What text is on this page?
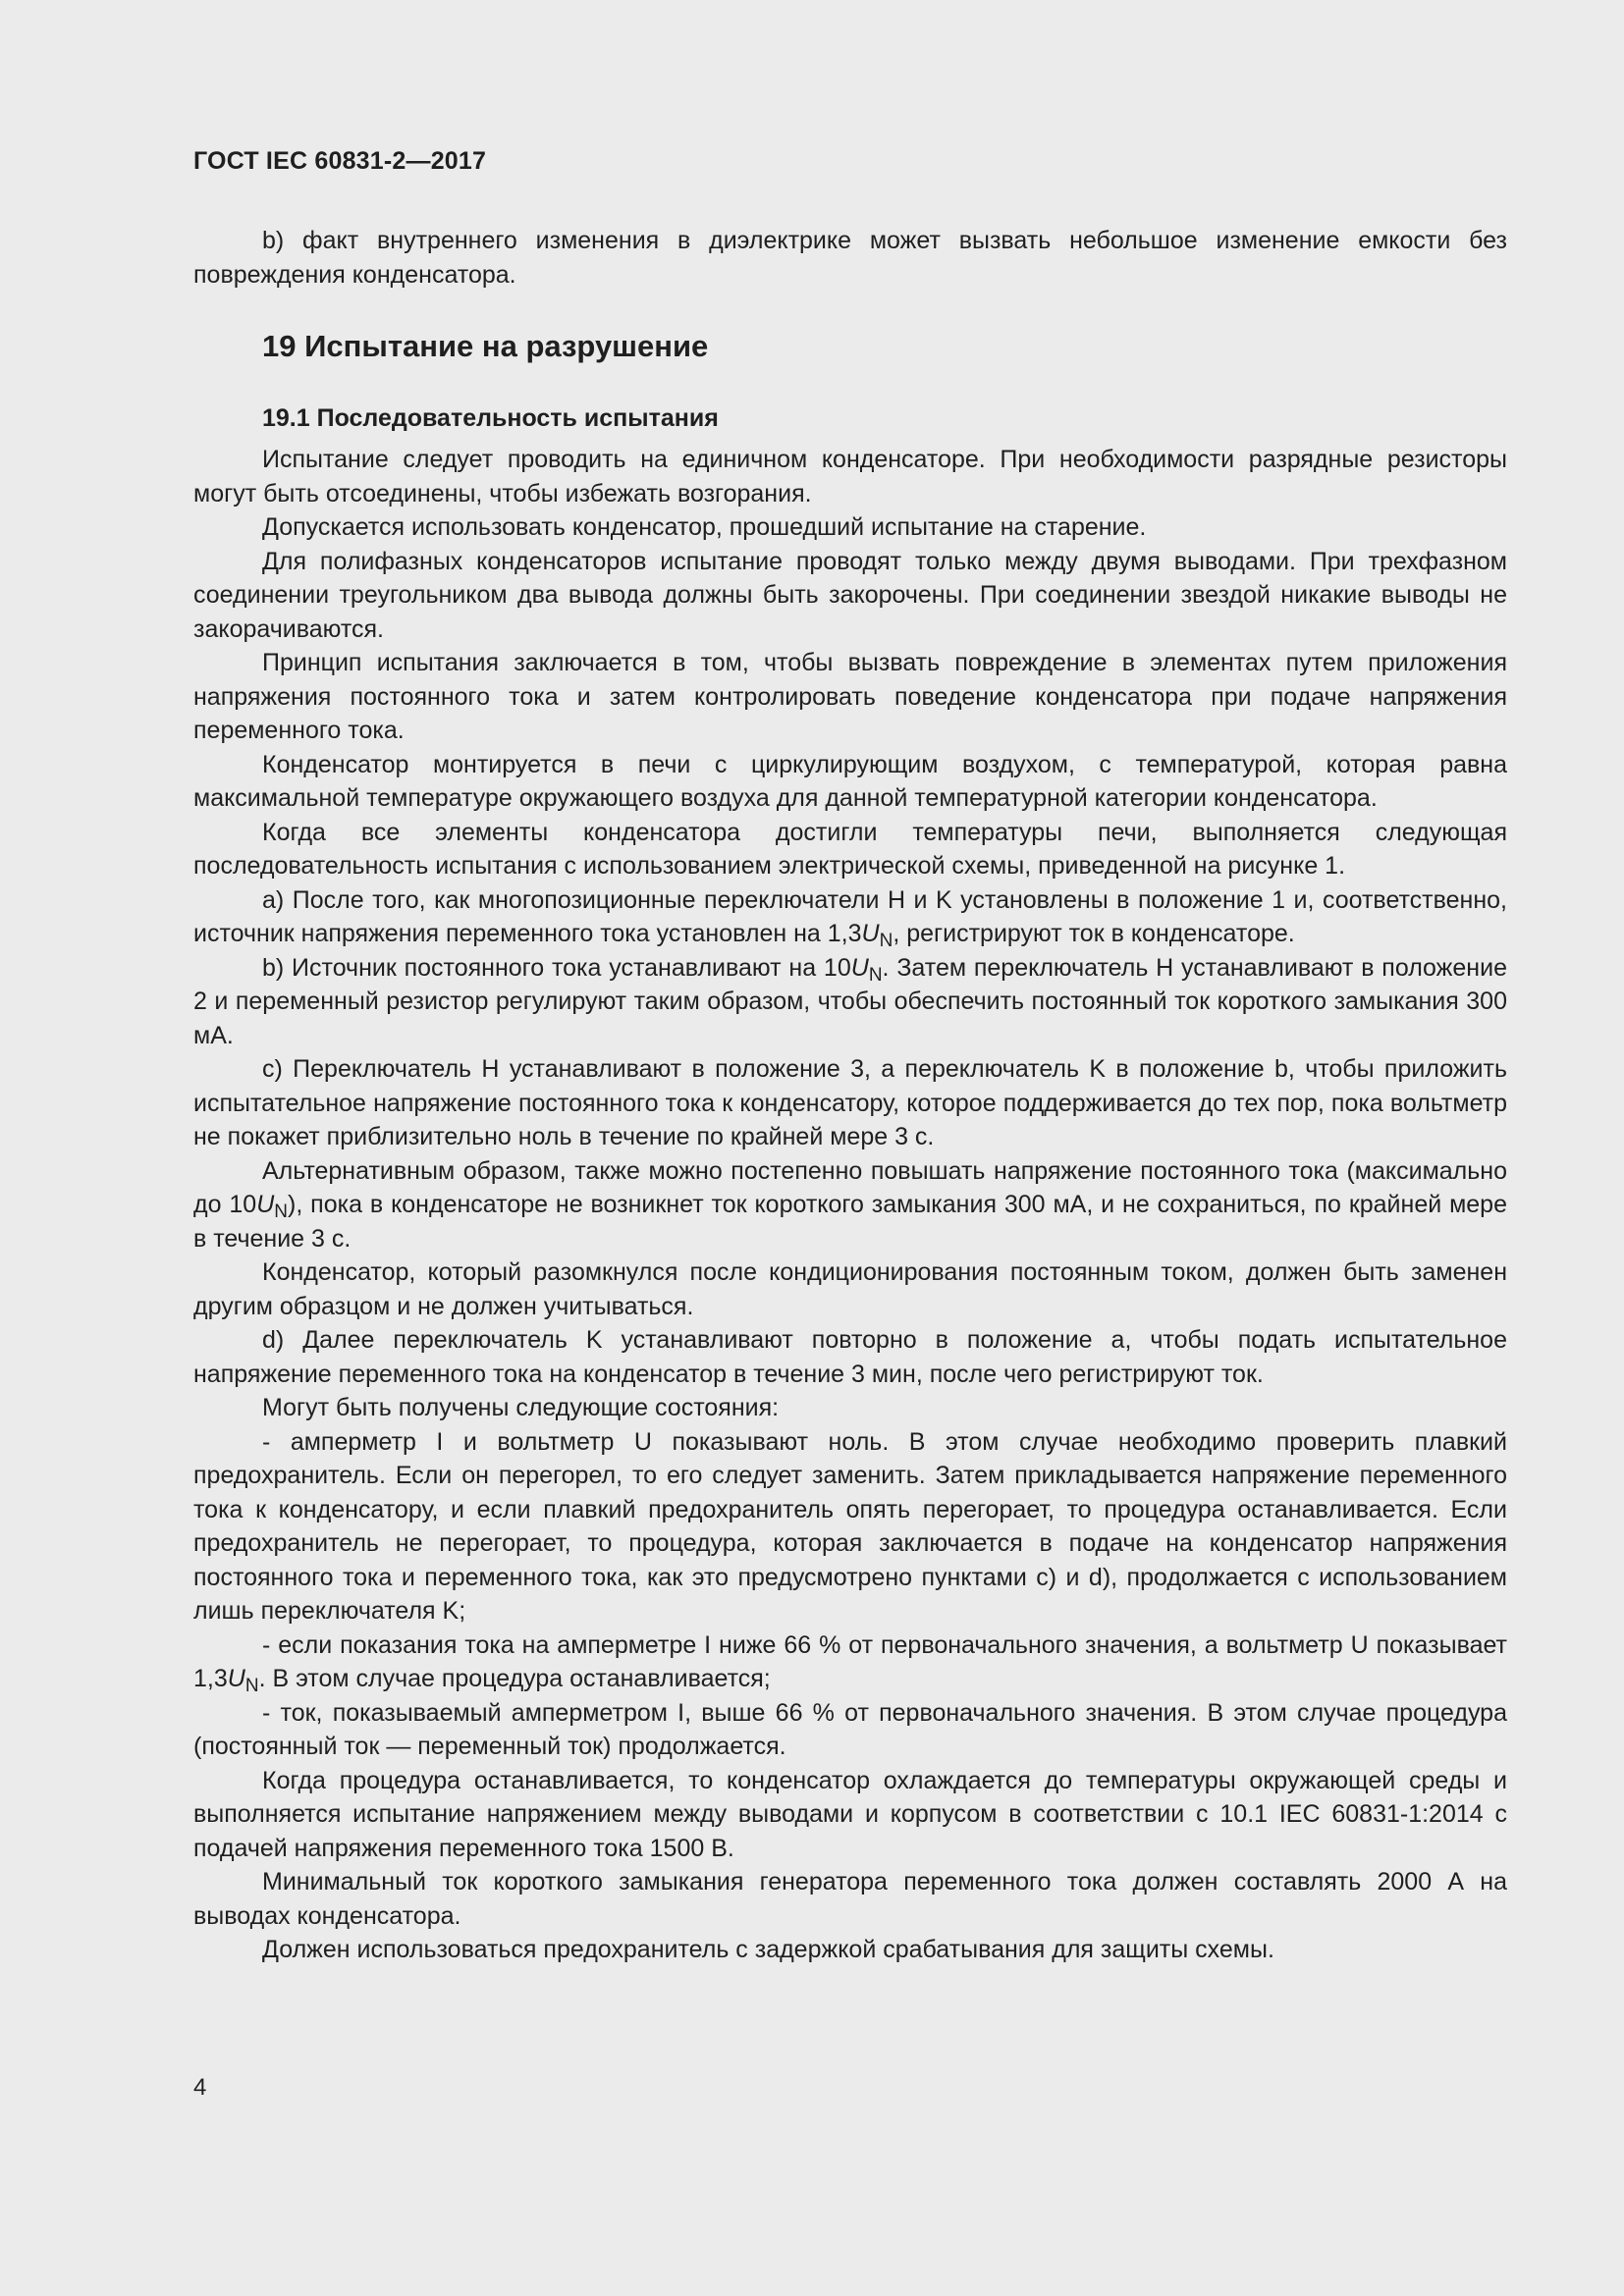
ГОСТ IEC 60831-2—2017

b) факт внутреннего изменения в диэлектрике может вызвать небольшое изменение емкости без повреждения конденсатора.

19 Испытание на разрушение
19.1 Последовательность испытания

Испытание следует проводить на единичном конденсаторе. При необходимости разрядные резисторы могут быть отсоединены, чтобы избежать возгорания.

Допускается использовать конденсатор, прошедший испытание на старение.

Для полифазных конденсаторов испытание проводят только между двумя выводами. При трехфазном соединении треугольником два вывода должны быть закорочены. При соединении звездой никакие выводы не закорачиваются.

Принцип испытания заключается в том, чтобы вызвать повреждение в элементах путем приложения напряжения постоянного тока и затем контролировать поведение конденсатора при подаче напряжения переменного тока.

Конденсатор монтируется в печи с циркулирующим воздухом, с температурой, которая равна максимальной температуре окружающего воздуха для данной температурной категории конденсатора.

Когда все элементы конденсатора достигли температуры печи, выполняется следующая последовательность испытания с использованием электрической схемы, приведенной на рисунке 1.

a) После того, как многопозиционные переключатели H и K установлены в положение 1 и, соответственно, источник напряжения переменного тока установлен на $1,3U_N$, регистрируют ток в конденсаторе.

b) Источник постоянного тока устанавливают на $10U_N$. Затем переключатель H устанавливают в положение 2 и переменный резистор регулируют таким образом, чтобы обеспечить постоянный ток короткого замыкания 300 мА.

c) Переключатель H устанавливают в положение 3, а переключатель K в положение b, чтобы приложить испытательное напряжение постоянного тока к конденсатору, которое поддерживается до тех пор, пока вольтметр не покажет приблизительно ноль в течение по крайней мере 3 с.

Альтернативным образом, также можно постепенно повышать напряжение постоянного тока (максимально до $10U_N$), пока в конденсаторе не возникнет ток короткого замыкания 300 мА, и не сохраниться, по крайней мере в течение 3 с.

Конденсатор, который разомкнулся после кондиционирования постоянным током, должен быть заменен другим образцом и не должен учитываться.

d) Далее переключатель K устанавливают повторно в положение a, чтобы подать испытательное напряжение переменного тока на конденсатор в течение 3 мин, после чего регистрируют ток.

Могут быть получены следующие состояния:

- амперметр I и вольтметр U показывают ноль. В этом случае необходимо проверить плавкий предохранитель. Если он перегорел, то его следует заменить. Затем прикладывается напряжение переменного тока к конденсатору, и если плавкий предохранитель опять перегорает, то процедура останавливается. Если предохранитель не перегорает, то процедура, которая заключается в подаче на конденсатор напряжения постоянного тока и переменного тока, как это предусмотрено пунктами c) и d), продолжается с использованием лишь переключателя K;

- если показания тока на амперметре I ниже 66 % от первоначального значения, а вольтметр U показывает $1,3U_N$. В этом случае процедура останавливается;

- ток, показываемый амперметром I, выше 66 % от первоначального значения. В этом случае процедура (постоянный ток — переменный ток) продолжается.

Когда процедура останавливается, то конденсатор охлаждается до температуры окружающей среды и выполняется испытание напряжением между выводами и корпусом в соответствии с 10.1 IEC 60831-1:2014 с подачей напряжения переменного тока 1500 В.

Минимальный ток короткого замыкания генератора переменного тока должен составлять 2000 А на выводах конденсатора.

Должен использоваться предохранитель с задержкой срабатывания для защиты схемы.

4
